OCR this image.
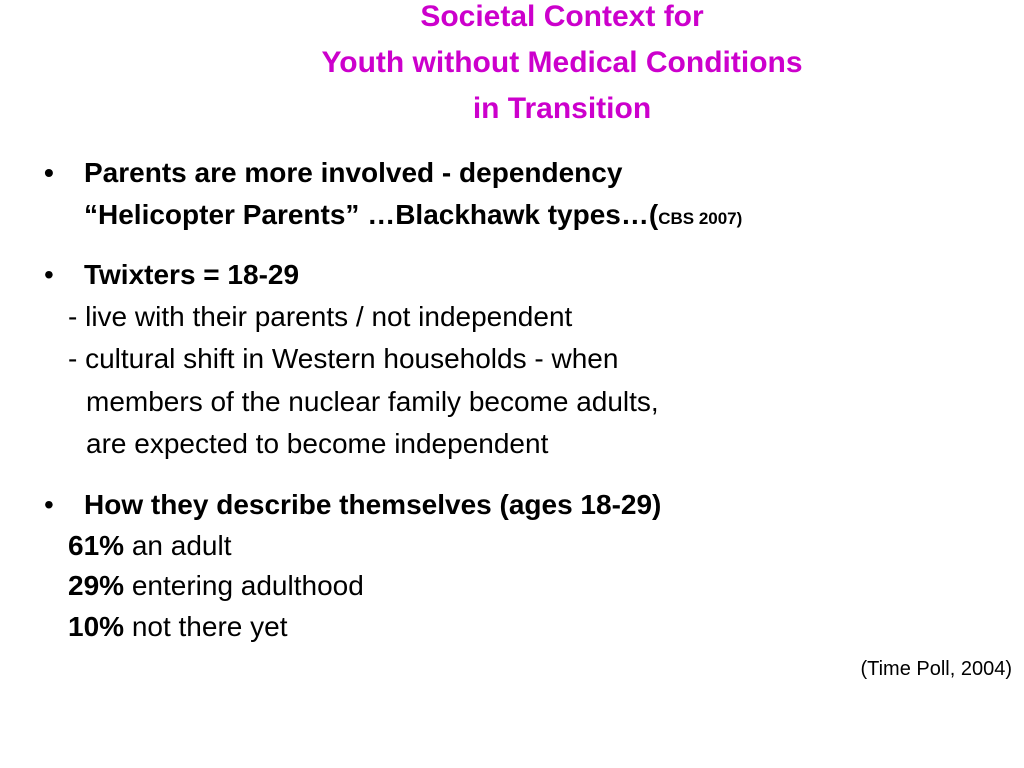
Societal Context for
Youth without Medical Conditions
in Transition
• Parents are more involved - dependency
“Helicopter Parents” …Blackhawk types…(CBS 2007)
• Twixters = 18-29
- live with their parents / not independent
- cultural shift in Western households - when
members of the nuclear family become adults,
are expected to become independent
• How they describe themselves (ages 18-29)
61% an adult
29% entering adulthood
10% not there yet
(Time Poll, 2004)
